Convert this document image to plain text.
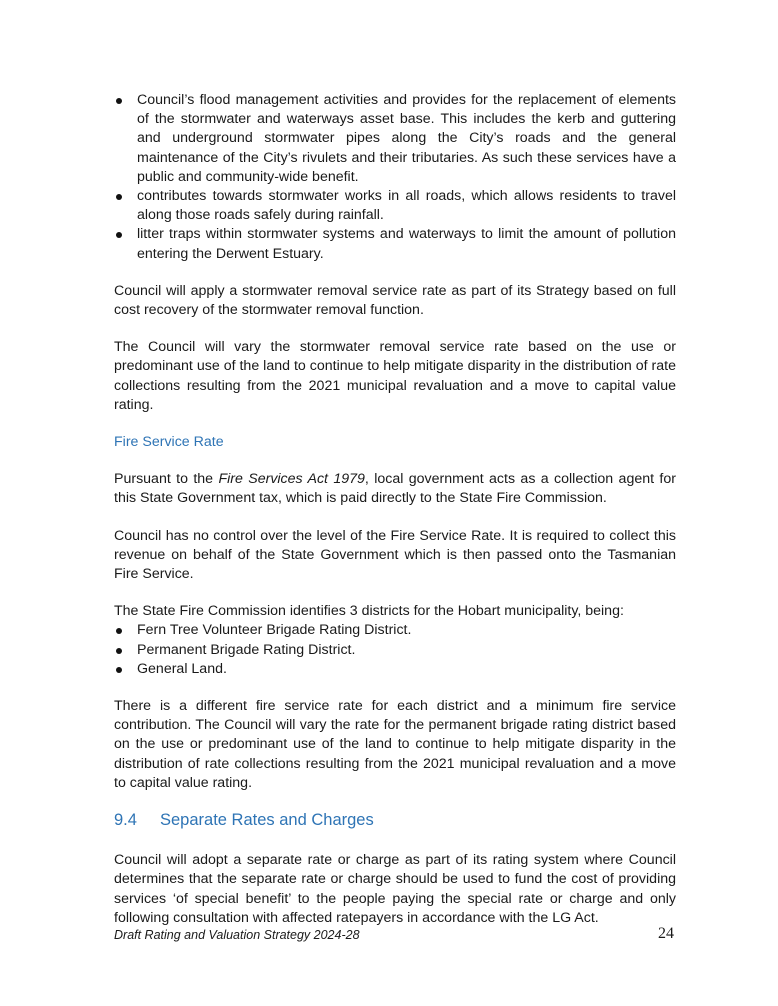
Council’s flood management activities and provides for the replacement of elements of the stormwater and waterways asset base. This includes the kerb and guttering and underground stormwater pipes along the City’s roads and the general maintenance of the City’s rivulets and their tributaries. As such these services have a public and community-wide benefit.
contributes towards stormwater works in all roads, which allows residents to travel along those roads safely during rainfall.
litter traps within stormwater systems and waterways to limit the amount of pollution entering the Derwent Estuary.

Council will apply a stormwater removal service rate as part of its Strategy based on full cost recovery of the stormwater removal function.

The Council will vary the stormwater removal service rate based on the use or predominant use of the land to continue to help mitigate disparity in the distribution of rate collections resulting from the 2021 municipal revaluation and a move to capital value rating.

Fire Service Rate

Pursuant to the Fire Services Act 1979, local government acts as a collection agent for this State Government tax, which is paid directly to the State Fire Commission.

Council has no control over the level of the Fire Service Rate. It is required to collect this revenue on behalf of the State Government which is then passed onto the Tasmanian Fire Service.

The State Fire Commission identifies 3 districts for the Hobart municipality, being:

Fern Tree Volunteer Brigade Rating District.
Permanent Brigade Rating District.
General Land.

There is a different fire service rate for each district and a minimum fire service contribution. The Council will vary the rate for the permanent brigade rating district based on the use or predominant use of the land to continue to help mitigate disparity in the distribution of rate collections resulting from the 2021 municipal revaluation and a move to capital value rating.

9.4 Separate Rates and Charges

Council will adopt a separate rate or charge as part of its rating system where Council determines that the separate rate or charge should be used to fund the cost of providing services ‘of special benefit’ to the people paying the special rate or charge and only following consultation with affected ratepayers in accordance with the LG Act.

Draft Rating and Valuation Strategy 2024-28	24
